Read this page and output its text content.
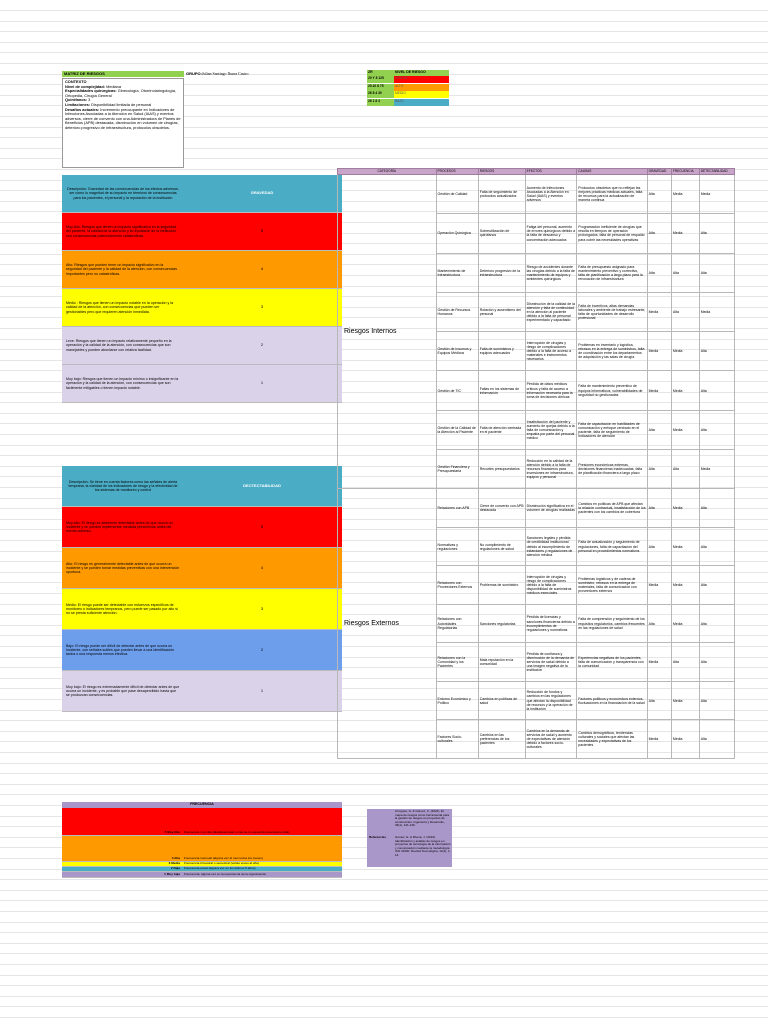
MATRIZ DE RIESGOS	GRUPO: Julian Santiago Ibarra Castro
CONTEXTO
Nivel de complejidad: Mediana
Especialidades quirúrgicas: Ginecología, Otorrinolaringología, Ortopedia, Cirugía General
Quirófanos: 3
Limitaciones: Disponibilidad limitada de personal
Desafíos actuales: Incremento preocupante en Indicadores de Infecciones Asociadas a la Atención en Salud (IAAS) y eventos adversos, cierre de convenio con una Administradora de Planes de Beneficios (APB) destacada, disminución en volumen de cirugías, deterioro progresivo de infraestructura, protocolos obsoletos.
ZR	NIVEL DE RIESGO
20 Y 8 125	CRITICO
20.10 8 75	ALTO
26 8 4 30	MEDIO
26 1 8 4	BAJO
Descripción: Gravedad de las consecuencias de los efectos adversos, ser como lo magnitud de su impacto en términos de consecuencias para los pacientes, el personal y la reputación de la institución
GRAVEDAD
Muy Alto: Riesgos que tienen un impacto significativo en la seguridad del paciente, la calidad de la atención y la reputación de la institución, con consecuencias potencialmente catastróficas.
5
Alto: Riesgos que pueden tener un impacto significativo en la seguridad del paciente y la calidad de la atención, con consecuencias importantes pero no catastróficas.
4
Medio : Riesgos que tienen un impacto notable en la operación y la calidad de la atención, con consecuencias que pueden ser gestionables pero que requieren atención inmediata.
3
Leve: Riesgos que tienen un impacto relativamente pequeño en la operación y la calidad de la atención, con consecuencias que son manejables y pueden abordarse con relativa facilidad.
2
Muy bajo: Riesgos que tienen un impacto mínimo o insignificante en la operación y la calidad de la atención, con consecuencias que son fácilmente mitigables o tienen impacto notable.
1
Descripción: Se tiene en cuenta factores como las señales de alerta temprana, la claridad de los indicadores de riesgo y la efectividad de los sistemas de monitoreo y control
DECTECTABILIDAD
Muy alto: El riesgo es altamente detectable antes de que ocurra un incidente y se pueden implementar medidas preventivas antes del evento adverso.
5
Alto: El riesgo es generalmente detectable antes de que ocurra un incidente y se pueden tomar medidas preventivas con una intervención oportuna.
4
Medio: El riesgo puede ser detectable con esfuerzos específicos de monitoreo o indicadores tempranos, pero puede ser pasado por alto si no se presta suficiente atención.
3
Bajo: El riesgo puede ser difícil de detectar antes de que ocurra un incidente, con señales sutiles que pueden llevar a una identificación tardía o una respuesta menos efectiva.
2
Muy bajo: El riesgo es extremadamente difícil de detectar antes de que ocurra un incidente, y es probable que pase desapercibido hasta que se produzcan consecuencias.
1
FRECUENCIA
5 Muy Alta	Frecuencia muy alta (diaria/semanal o más de lo requerido para toda la vida)
4 Alta	Frecuencia mensual (alguna vez al mes todos los meses)
3 Media	Frecuencia trimestral o semestral (varias veces al año)
2 Baja	Frecuencia anual (alguna vez en los últimos 5 años)
1 Muy baja	Frecuencia: alguna vez en la experiencia de la organización
Referencias
Arroyave, G. & Gómez, C. (2022). El mapa de riesgos como herramienta para la gestión de riesgos en proyectos de construcción. Ingeniería y Desarrollo, 39(1), 121-136.
Gómez, E. & Rivera, J. (2019). Identificación y análisis de riesgos en proyectos de tecnología de la información y comunicación mediante la metodología ISO 31000. Revista Tecnológica, 12(1), 1-14.
CATEGORÍA	PROCESOS	RIESGOS	EFECTOS	CAUSAS	GRAVEDAD	FRECUENCIA	DETECTABILIDAD
Riesgos Internos	Gestión de Calidad	Falta de seguimiento de protocolos actualizados	Aumento de Infecciones Asociadas a la Atención en Salud (IAAS) y eventos adversos	Protocolos obsoletos que no reflejan las mejores prácticas médicas actuales, falta de recursos para la actualización de manera continua	Alta	Media	Media
	Operación Quirúrgica	Sobreutilización de quirófanos	Fatiga del personal, aumento de errores quirúrgicos debido a la falta de descanso y concentración adecuados	Programación ineficiente de cirugías que resulta en tiempos de operación prolongados, falta de personal de respaldo para cubrir las necesidades operativas	Alta	Media	Alta
	Mantenimiento de Infraestructura	Deterioro progresivo de la infraestructura	Riesgo de accidentes durante las cirugías debido a la falta de mantenimiento de equipos y ambientes quirúrgicos	Falta de presupuesto asignado para mantenimiento preventivo y correctivo, falta de planificación a largo plazo para la renovación de infraestructura	Alta	Alta	Alta
	Gestión de Recursos Humanos	Rotación y ausentismo del personal	Disminución de la calidad de la atención y falta de continuidad en la atención al paciente debido a la falta de personal experimentado y capacitado	Falta de incentivos, altas demandas laborales y ambiente de trabajo estresante, falta de oportunidades de desarrollo profesional	Media	Alta	Media
	Gestión de Insumos y Equipos Médicos	Falta de suministros y equipos adecuados	Interrupción de cirugías y riesgo de complicaciones debido a la falta de acceso a materiales e instrumentos necesarios	Problemas en inventario y logística, retrasos en la entrega de suministros, falta de coordinación entre los departamentos de adquisición y las salas de cirugía	Media	Media	Alta
	Gestión de TIC	Fallas en los sistemas de información	Pérdida de datos médicos críticos y falta de acceso a información necesaria para la toma de decisiones clínicas	Falta de mantenimiento preventivo de equipos informáticos, vulnerabilidades de seguridad no gestionadas	Media	Media	Alta
	Gestión de la Calidad de la Atención al Paciente	Falta de atención centrada en el paciente	Insatisfacción del paciente y aumento de quejas debido a la falta de comunicación y empatía por parte del personal médico	Falta de capacitación en habilidades de comunicación y enfoque centrado en el paciente, falta de seguimiento de indicadores de atención	Alta	Media	Alta
	Gestión Financiera y Presupuestaria	Recortes presupuestarios	Reducción en la calidad de la atención debido a la falta de recursos financieros para inversiones en infraestructura, equipos y personal	Presiones económicas externas, decisiones financieras inadecuadas, falta de planificación financiera a largo plazo	Alta	Alta	Media
Riesgos Externos	Relaciones con APB	Cierre de convenio con APB destacada	Disminución significativa en el volumen de cirugías realizadas	Cambios en políticas de APB que afectan la relación contractual, insatisfacción de los pacientes con los cambios de cobertura	Alta	Media	Alta
	Normativas y regulaciones	No cumplimiento de regulaciones de salud	Sanciones legales y pérdida de credibilidad institucional debido al incumplimiento de estándares y regulaciones de atención médica	Falta de actualización y seguimiento de regulaciones, falta de capacitación del personal en procedimientos normativos	Alta	Media	Alta
	Relaciones con Proveedores Externos	Problemas de suministro	Interrupción de cirugías y riesgo de complicaciones debido a la falta de disponibilidad de suministros médicos esenciales	Problemas logísticos y de cadena de suministro, retrasos en la entrega de materiales, falta de comunicación con proveedores externos	Media	Media	Alta
	Relaciones con Autoridades Regulatorias	Sanciones regulatorias	Pérdida de licencias y sanciones financieras debido a incumplimientos de regulaciones y normativas	Falta de comprensión y seguimiento de los requisitos regulatorios, cambios frecuentes en las regulaciones de salud	Alta	Media	Alta
	Relaciones con la Comunidad y los Pacientes	Mala reputación en la comunidad	Pérdida de confianza y disminución de la demanda de servicios de salud debido a una imagen negativa de la institución	Experiencias negativas de los pacientes, falta de comunicación y transparencia con la comunidad	Media	Alta	Alta
	Entorno Económico y Político	Cambios en políticas de salud	Reducción de fondos y cambios en las regulaciones que afectan la disponibilidad de recursos y la operación de la institución	Factores políticos y económicos externos, fluctuaciones en la financiación de la salud	Alta	Media	Alta
	Factores Socio-culturales	Cambios en las preferencias de los pacientes	Cambios en la demanda de servicios de salud y aumento de expectativas de atención debido a factores socio-culturales	Cambios demográficos, tendencias culturales y sociales que afectan las necesidades y expectativas de los pacientes	Media	Media	Alta
